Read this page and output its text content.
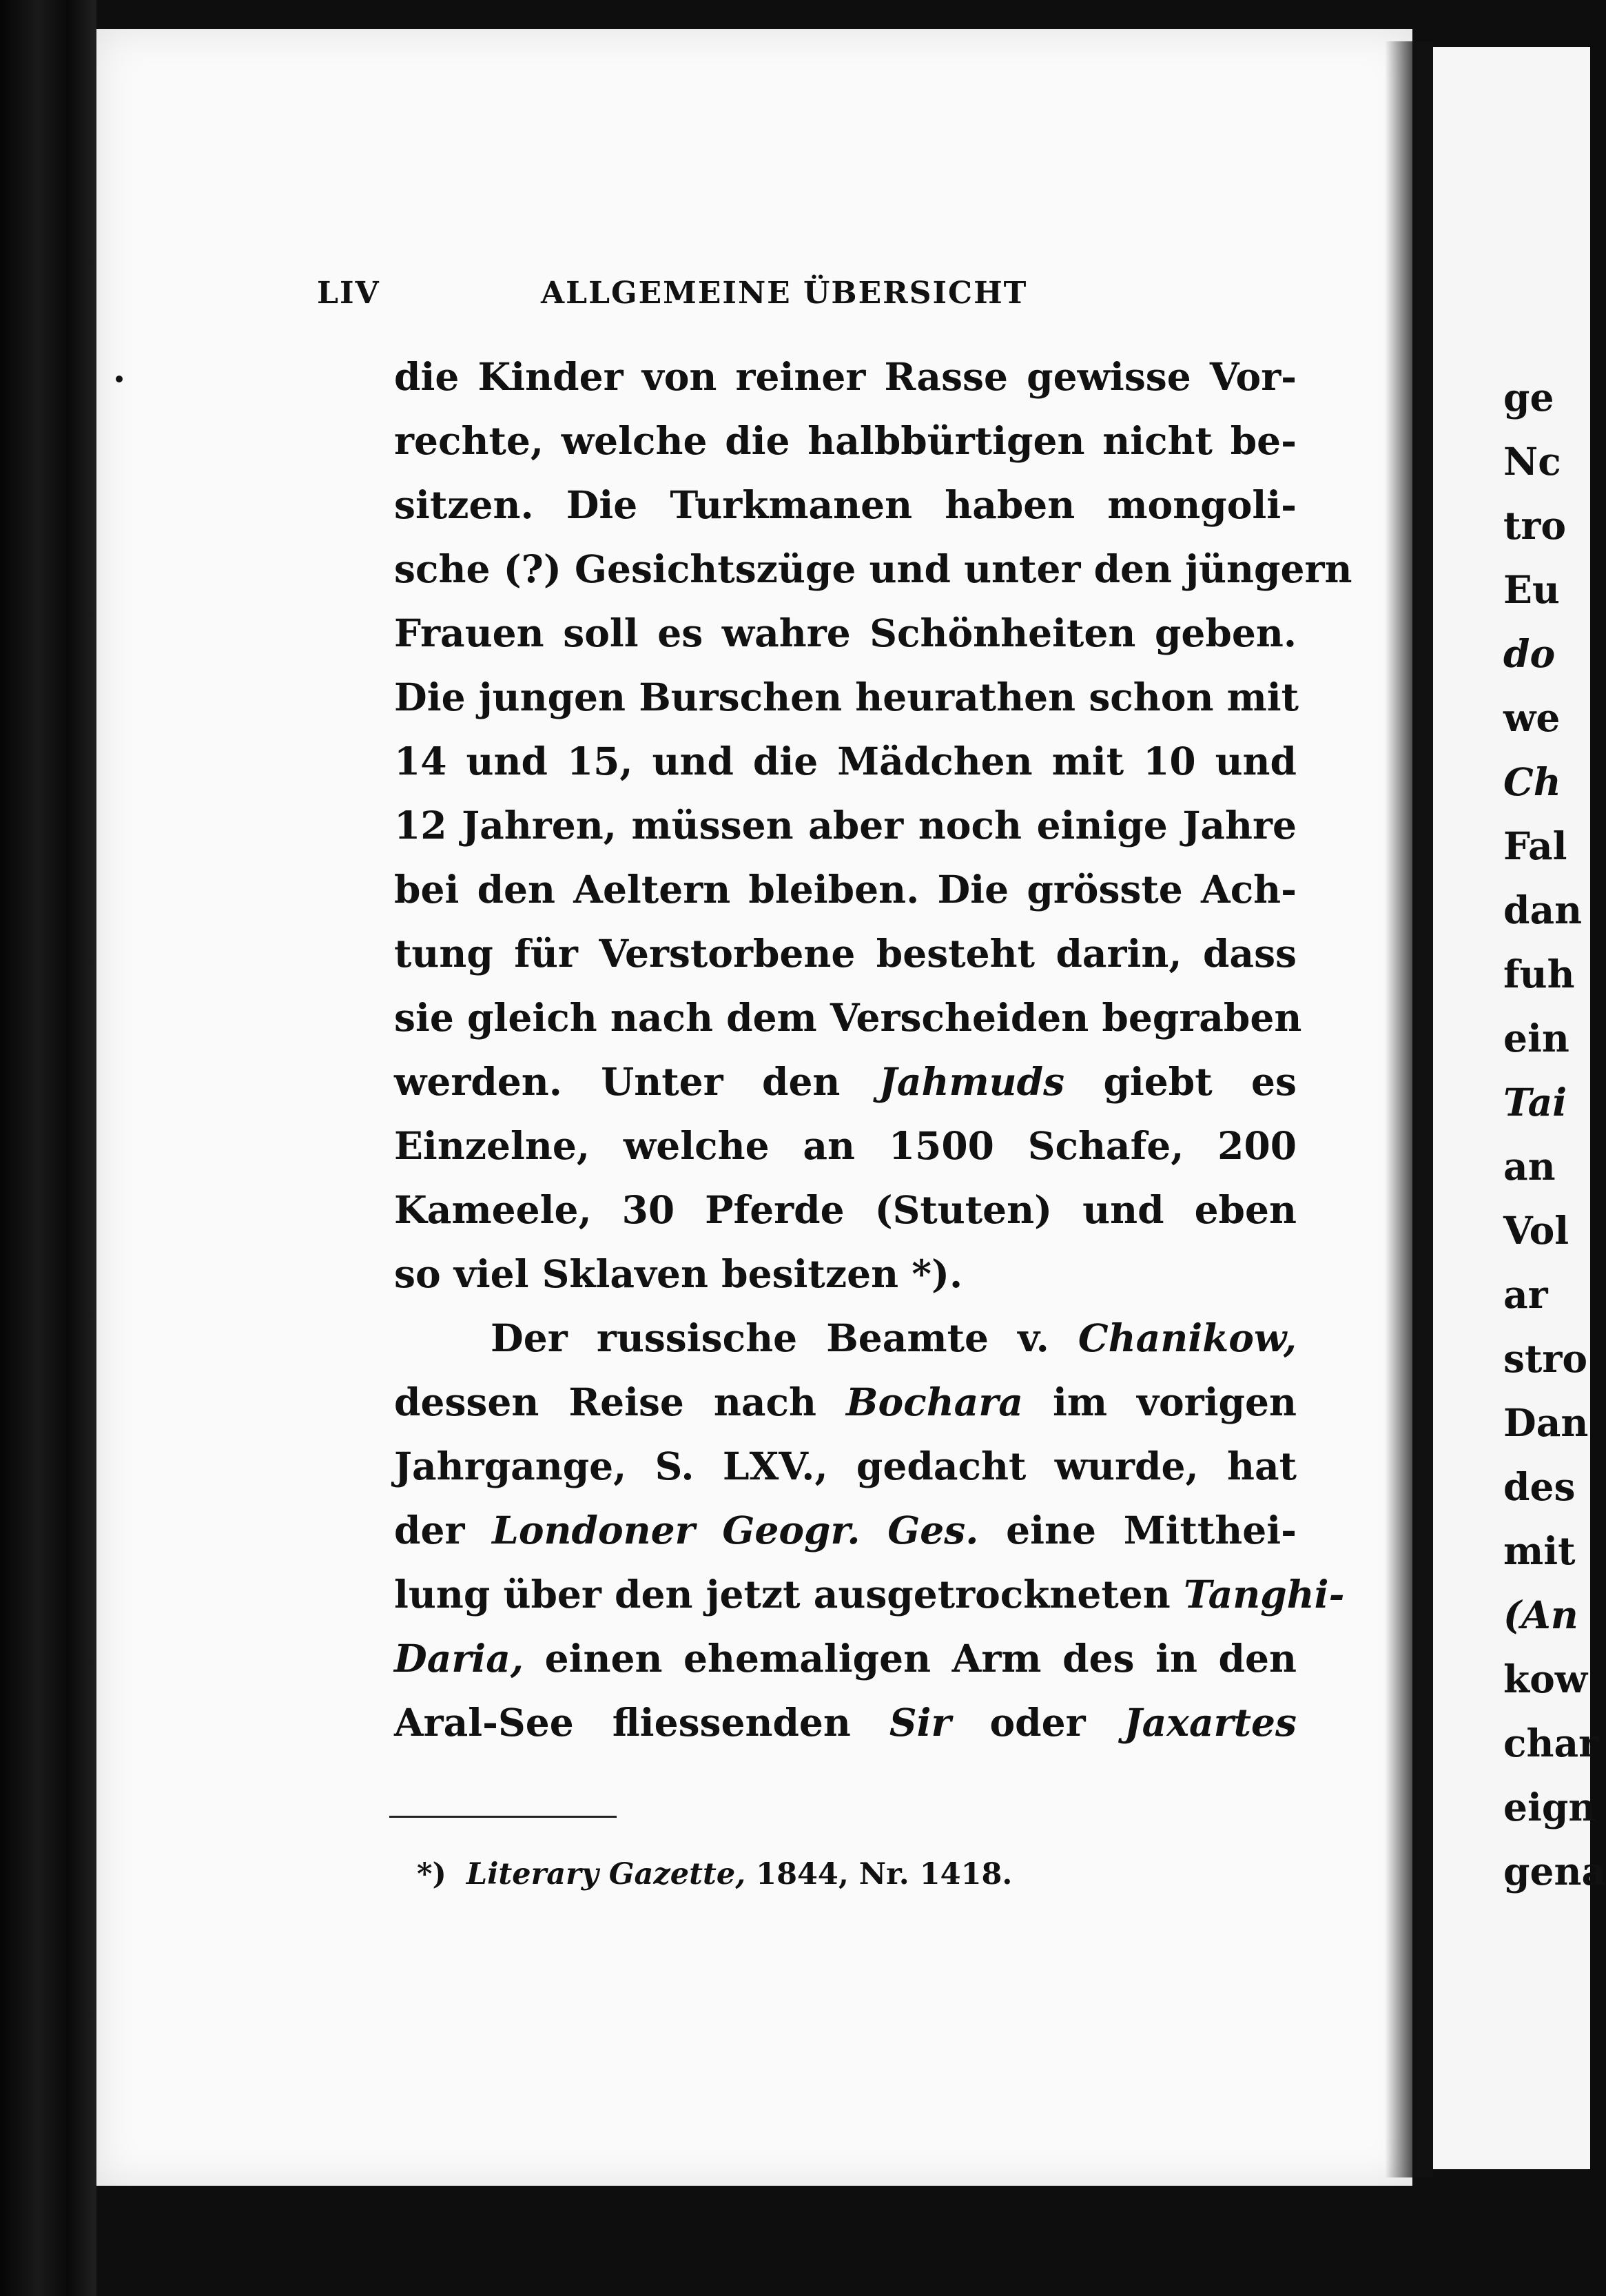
ge
Nc
tro
Eu
do
we
Ch
Fal
dan
fuh
ein
Tai
an
Vol
ar
stro
Dan
des
mit
(An
kow
char
eign
gena
LIV	ALLGEMEINE ÜBERSICHT
die Kinder von reiner Rasse gewisse Vor-
rechte, welche die halbbürtigen nicht be-
sitzen. Die Turkmanen haben mongoli-
sche (?) Gesichtszüge und unter den jüngern
Frauen soll es wahre Schönheiten geben.
Die jungen Burschen heurathen schon mit
14 und 15, und die Mädchen mit 10 und
12 Jahren, müssen aber noch einige Jahre
bei den Aeltern bleiben. Die grösste Ach-
tung für Verstorbene besteht darin, dass
sie gleich nach dem Verscheiden begraben
werden. Unter den Jahmuds giebt es
Einzelne, welche an 1500 Schafe, 200
Kameele, 30 Pferde (Stuten) und eben
so viel Sklaven besitzen *).
Der russische Beamte v. Chanikow,
dessen Reise nach Bochara im vorigen
Jahrgange, S. LXV., gedacht wurde, hat
der Londoner Geogr. Ges. eine Mitthei-
lung über den jetzt ausgetrockneten Tanghi-
Daria, einen ehemaligen Arm des in den
Aral-See fliessenden Sir oder Jaxartes
*) Literary Gazette, 1844, Nr. 1418.
